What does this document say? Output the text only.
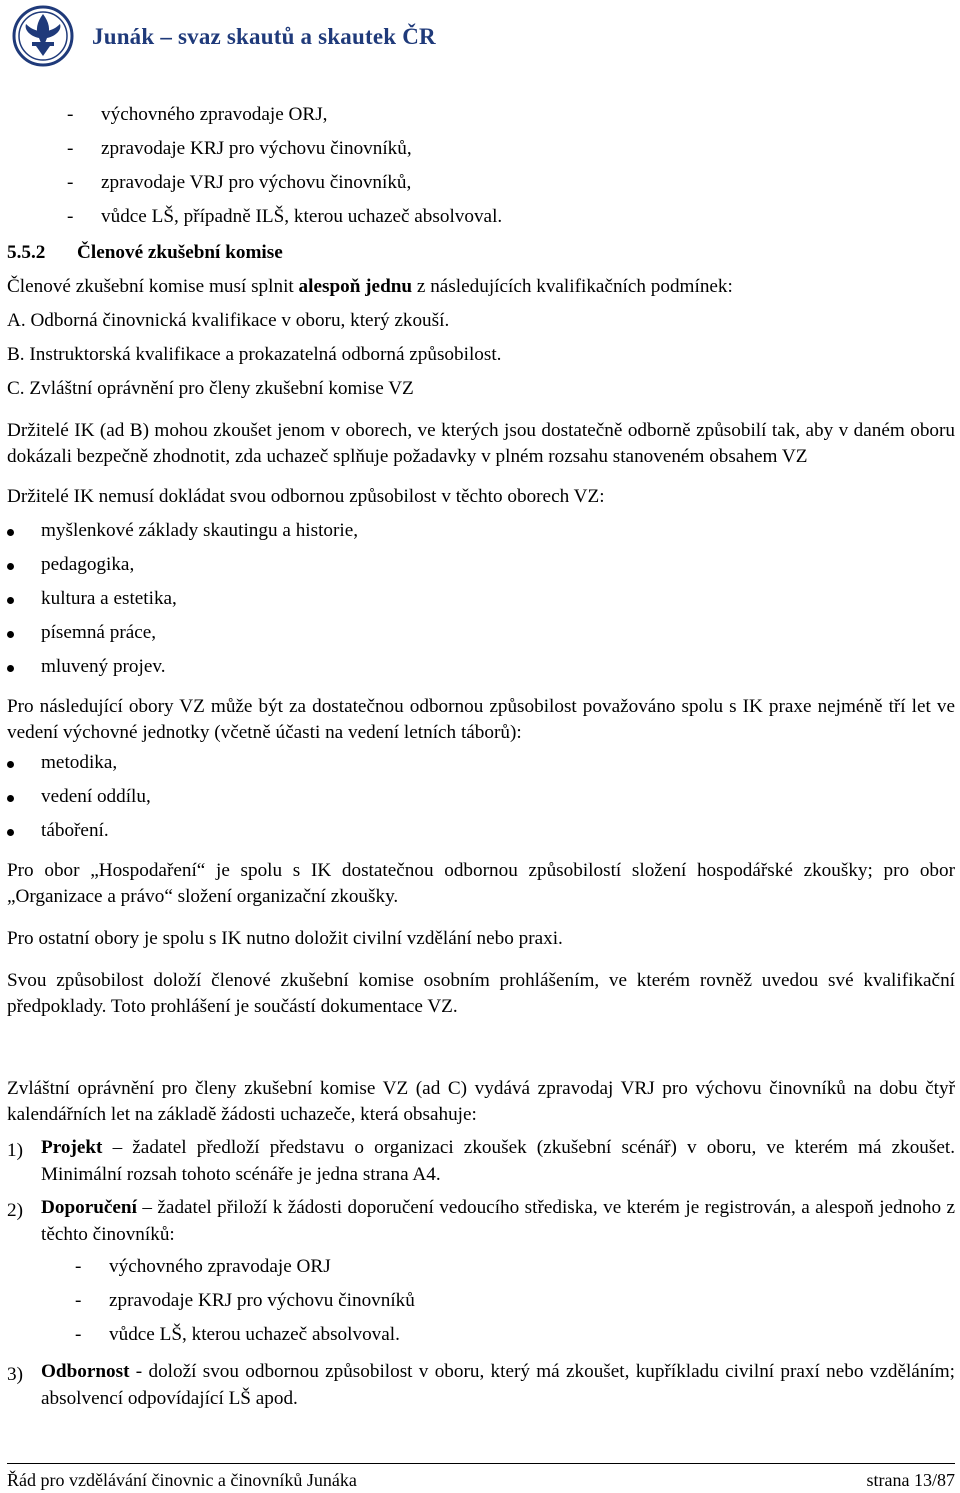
Junák – svaz skautů a skautek ČR
- výchovného zpravodaje ORJ,
- zpravodaje KRJ pro výchovu činovníků,
- zpravodaje VRJ pro výchovu činovníků,
- vůdce LŠ, případně ILŠ, kterou uchazeč absolvoval.

5.5.2 Členové zkušební komise

Členové zkušební komise musí splnit alespoň jednu z následujících kvalifikačních podmínek:

A. Odborná činovnická kvalifikace v oboru, který zkouší.

B. Instruktorská kvalifikace a prokazatelná odborná způsobilost.

C. Zvláštní oprávnění pro členy zkušební komise VZ

Držitelé IK (ad B) mohou zkoušet jenom v oborech, ve kterých jsou dostatečně odborně způsobilí tak, aby v daném oboru dokázali bezpečně zhodnotit, zda uchazeč splňuje požadavky v plném rozsahu stanoveném obsahem VZ

Držitelé IK nemusí dokládat svou odbornou způsobilost v těchto oborech VZ:

myšlenkové základy skautingu a historie,
pedagogika,
kultura a estetika,
písemná práce,
mluvený projev.

Pro následující obory VZ může být za dostatečnou odbornou způsobilost považováno spolu s IK praxe nejméně tří let ve vedení výchovné jednotky (včetně účasti na vedení letních táborů):

metodika,
vedení oddílu,
táboření.

Pro obor „Hospodaření“ je spolu s IK dostatečnou odbornou způsobilostí složení hospodářské zkoušky; pro obor „Organizace a právo“ složení organizační zkoušky.

Pro ostatní obory je spolu s IK nutno doložit civilní vzdělání nebo praxi.

Svou způsobilost doloží členové zkušební komise osobním prohlášením, ve kterém rovněž uvedou své kvalifikační předpoklady. Toto prohlášení je součástí dokumentace VZ.

Zvláštní oprávnění pro členy zkušební komise VZ (ad C) vydává zpravodaj VRJ pro výchovu činovníků na dobu čtyř kalendářních let na základě žádosti uchazeče, která obsahuje:

1) Projekt – žadatel předloží představu o organizaci zkoušek (zkušební scénář) v oboru, ve kterém má zkoušet. Minimální rozsah tohoto scénáře je jedna strana A4.
2) Doporučení – žadatel přiloží k žádosti doporučení vedoucího střediska, ve kterém je registrován, a alespoň jednoho z těchto činovníků:
- výchovného zpravodaje ORJ
- zpravodaje KRJ pro výchovu činovníků
- vůdce LŠ, kterou uchazeč absolvoval.
3) Odbornost - doloží svou odbornou způsobilost v oboru, který má zkoušet, kupříkladu civilní praxí nebo vzděláním; absolvencí odpovídající LŠ apod.
Řád pro vzdělávání činovnic a činovníků Junáka	strana 13/87
